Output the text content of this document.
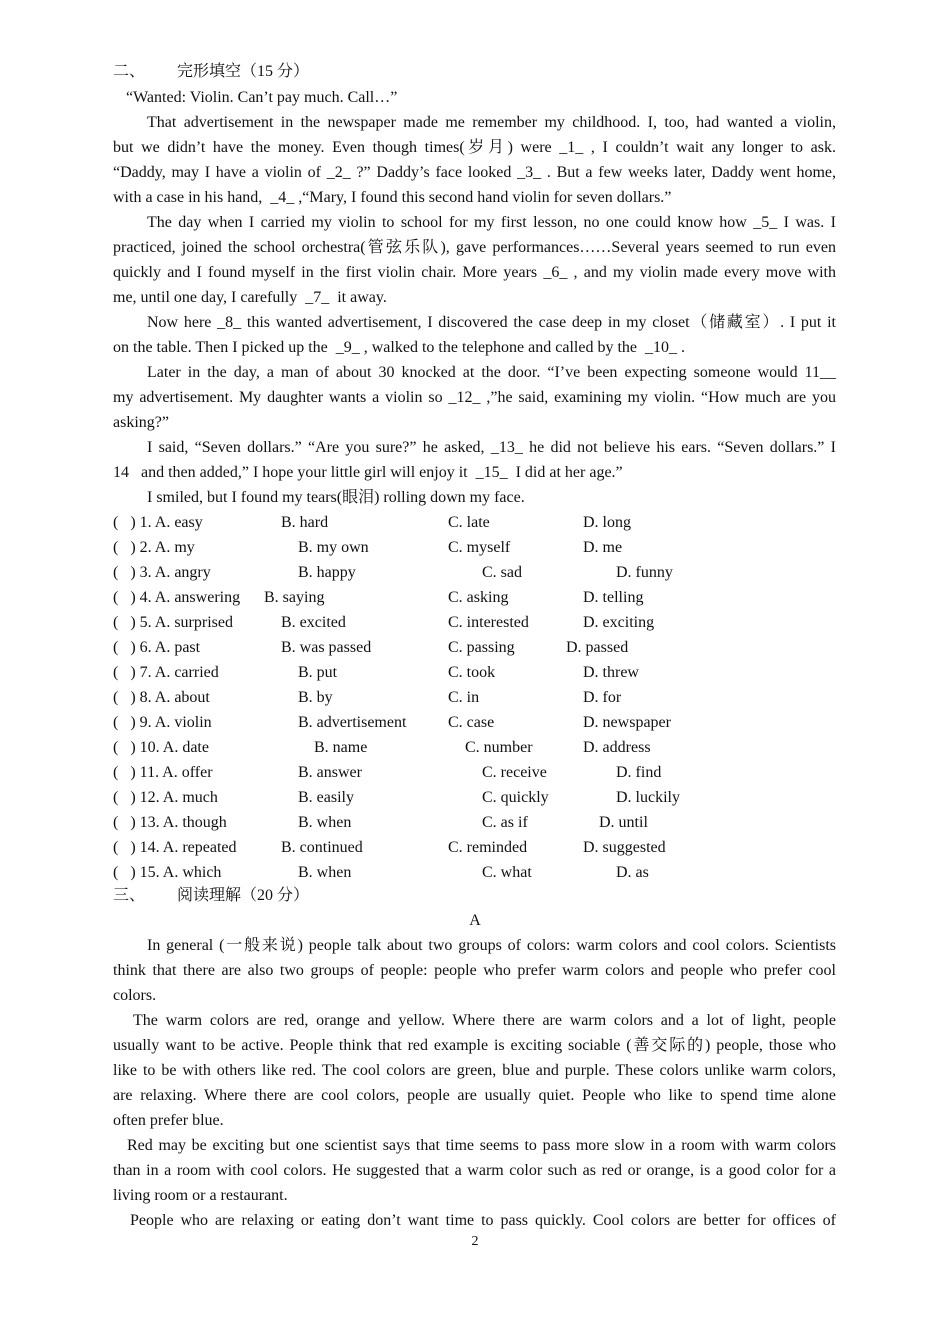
二、        完形填空（15 分）
“Wanted: Violin. Can’t pay much. Call…”
That advertisement in the newspaper made me remember my childhood. I, too, had wanted a violin,
but we didn’t have the money. Even though times(岁月) were _1_ , I couldn’t wait any longer to ask.
“Daddy, may I have a violin of _2_ ?” Daddy’s face looked _3_ . But a few weeks later, Daddy went home,
with a case in his hand,  _4_ ,“Mary, I found this second hand violin for seven dollars.”
The day when I carried my violin to school for my first lesson, no one could know how _5_ I was. I
practiced, joined the school orchestra(管弦乐队), gave performances……Several years seemed to run even
quickly and I found myself in the first violin chair. More years _6_ , and my violin made every move with
me, until one day, I carefully  _7_  it away.
Now here _8_ this wanted advertisement, I discovered the case deep in my closet（储藏室）. I put it
on the table. Then I picked up the  _9_ , walked to the telephone and called by the  _10_ .
Later in the day, a man of about 30 knocked at the door. “I’ve been expecting someone would 11__
my advertisement. My daughter wants a violin so _12_ ,”he said, examining my violin. “How much are you
asking?”
I said, “Seven dollars.” “Are you sure?” he asked, _13_ he did not believe his ears. “Seven dollars.” I
14   and then added,” I hope your little girl will enjoy it  _15_  I did at her age.”
I smiled, but I found my tears(眼泪) rolling down my face.
(   ) 1. A. easy	B. hard	C. late	D. long
(   ) 2. A. my	B. my own	C. myself	D. me
(   ) 3. A. angry	B. happy	C. sad	D. funny
(   ) 4. A. answering B. saying	C. asking	D. telling
(   ) 5. A. surprised	B. excited	C. interested	D. exciting
(   ) 6. A. past	B. was passed	C. passing	D. passed
(   ) 7. A. carried	B. put	C. took	D. threw
(   ) 8. A. about	B. by	C. in	D. for
(   ) 9. A. violin	B. advertisement	C. case	D. newspaper
(   ) 10. A. date	B. name	C. number	D. address
(   ) 11. A. offer	B. answer	C. receive	D. find
(   ) 12. A. much	B. easily	C. quickly	D. luckily
(   ) 13. A. though	B. when	C. as if	D. until
(   ) 14. A. repeated	B. continued	C. reminded	D. suggested
(   ) 15. A. which	B. when	C. what	D. as
三、        阅读理解（20 分）
A
In general (一般来说) people talk about two groups of colors: warm colors and cool colors. Scientists
think that there are also two groups of people: people who prefer warm colors and people who prefer cool
colors.
The warm colors are red, orange and yellow. Where there are warm colors and a lot of light, people
usually want to be active. People think that red example is exciting sociable (善交际的) people, those who
like to be with others like red. The cool colors are green, blue and purple. These colors unlike warm colors,
are relaxing. Where there are cool colors, people are usually quiet. People who like to spend time alone
often prefer blue.
Red may be exciting but one scientist says that time seems to pass more slow in a room with warm colors
than in a room with cool colors. He suggested that a warm color such as red or orange, is a good color for a
living room or a restaurant.
People who are relaxing or eating don’t want time to pass quickly. Cool colors are better for offices of
2
